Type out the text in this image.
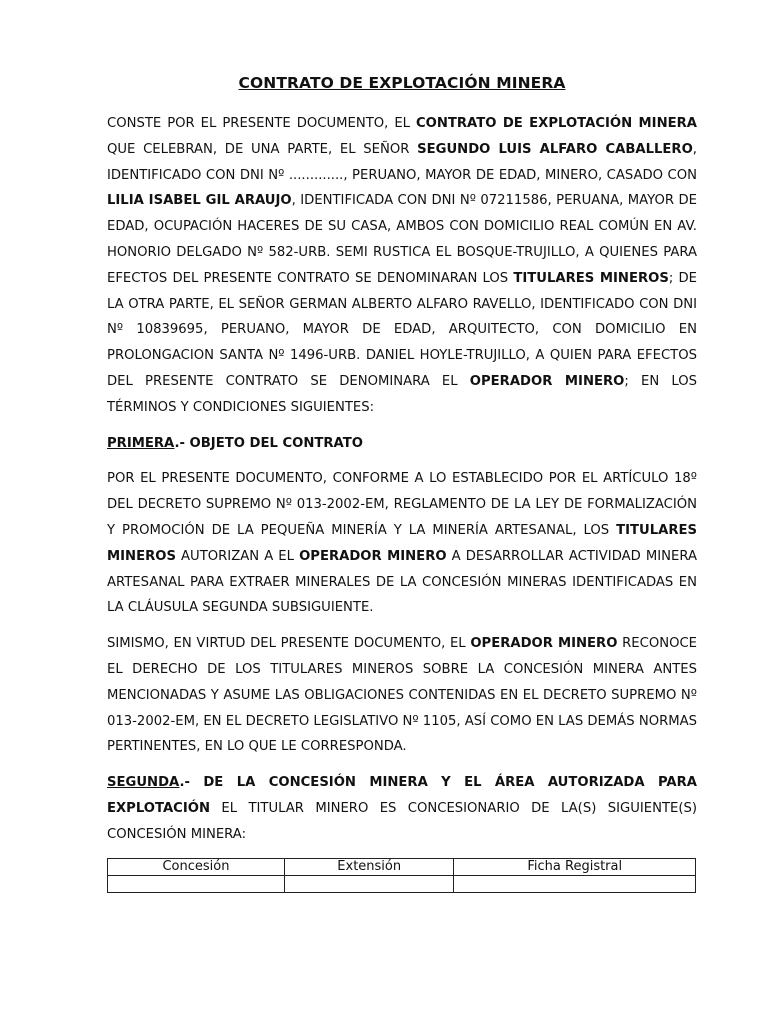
CONTRATO DE EXPLOTACIÓN MINERA

CONSTE POR EL PRESENTE DOCUMENTO, EL CONTRATO DE EXPLOTACIÓN MINERA QUE CELEBRAN, DE UNA PARTE, EL SEÑOR SEGUNDO LUIS ALFARO CABALLERO, IDENTIFICADO CON DNI Nº ............., PERUANO, MAYOR DE EDAD, MINERO, CASADO CON LILIA ISABEL GIL ARAUJO, IDENTIFICADA CON DNI Nº 07211586, PERUANA, MAYOR DE EDAD, OCUPACIÓN HACERES DE SU CASA, AMBOS CON DOMICILIO REAL COMÚN EN AV. HONORIO DELGADO Nº 582-URB. SEMI RUSTICA EL BOSQUE-TRUJILLO, A QUIENES PARA EFECTOS DEL PRESENTE CONTRATO SE DENOMINARAN LOS TITULARES MINEROS; DE LA OTRA PARTE, EL SEÑOR GERMAN ALBERTO ALFARO RAVELLO, IDENTIFICADO CON DNI Nº 10839695, PERUANO, MAYOR DE EDAD, ARQUITECTO, CON DOMICILIO EN PROLONGACION SANTA Nº 1496-URB. DANIEL HOYLE-TRUJILLO, A QUIEN PARA EFECTOS DEL PRESENTE CONTRATO SE DENOMINARA EL OPERADOR MINERO; EN LOS TÉRMINOS Y CONDICIONES SIGUIENTES:

PRIMERA.- OBJETO DEL CONTRATO

POR EL PRESENTE DOCUMENTO, CONFORME A LO ESTABLECIDO POR EL ARTÍCULO 18º DEL DECRETO SUPREMO Nº 013-2002-EM, REGLAMENTO DE LA LEY DE FORMALIZACIÓN Y PROMOCIÓN DE LA PEQUEÑA MINERÍA Y LA MINERÍA ARTESANAL, LOS TITULARES MINEROS AUTORIZAN A EL OPERADOR MINERO A DESARROLLAR ACTIVIDAD MINERA ARTESANAL PARA EXTRAER MINERALES DE LA CONCESIÓN MINERAS IDENTIFICADAS EN LA CLÁUSULA SEGUNDA SUBSIGUIENTE.

SIMISMO, EN VIRTUD DEL PRESENTE DOCUMENTO, EL OPERADOR MINERO RECONOCE EL DERECHO DE LOS TITULARES MINEROS SOBRE LA CONCESIÓN MINERA ANTES MENCIONADAS Y ASUME LAS OBLIGACIONES CONTENIDAS EN EL DECRETO SUPREMO Nº 013-2002-EM, EN EL DECRETO LEGISLATIVO Nº 1105, ASÍ COMO EN LAS DEMÁS NORMAS PERTINENTES, EN LO QUE LE CORRESPONDA.

SEGUNDA.- DE LA CONCESIÓN MINERA Y EL ÁREA AUTORIZADA PARA EXPLOTACIÓN EL TITULAR MINERO ES CONCESIONARIO DE LA(S) SIGUIENTE(S) CONCESIÓN MINERA:

Concesión	Extensión	Ficha Registral
